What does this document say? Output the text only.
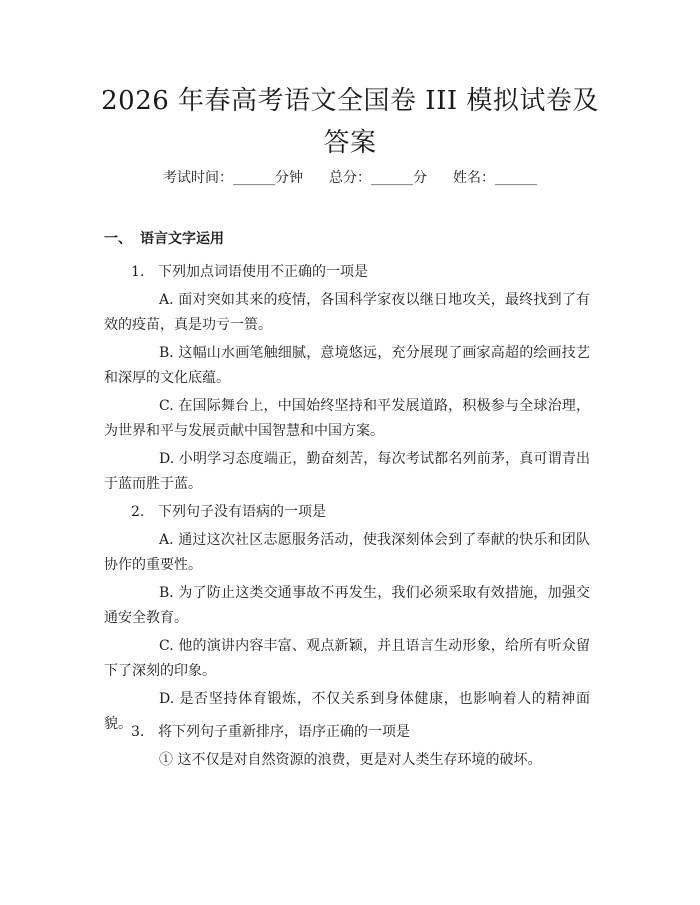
2026 年春高考语文全国卷 III 模拟试卷及答案
考试时间：______分钟 总分：______分 姓名：______
一、 语言文字运用
1. 下列加点词语使用不正确的一项是

A. 面对突如其来的疫情，各国科学家夜以继日地攻关，最终找到了有效的疫苗，真是功亏一篑。

B. 这幅山水画笔触细腻，意境悠远，充分展现了画家高超的绘画技艺和深厚的文化底蕴。

C. 在国际舞台上，中国始终坚持和平发展道路，积极参与全球治理，为世界和平与发展贡献中国智慧和中国方案。

D. 小明学习态度端正，勤奋刻苦，每次考试都名列前茅，真可谓青出于蓝而胜于蓝。

2. 下列句子没有语病的一项是

A. 通过这次社区志愿服务活动，使我深刻体会到了奉献的快乐和团队协作的重要性。

B. 为了防止这类交通事故不再发生，我们必须采取有效措施，加强交通安全教育。

C. 他的演讲内容丰富、观点新颖，并且语言生动形象，给所有听众留下了深刻的印象。

D. 是否坚持体育锻炼，不仅关系到身体健康，也影响着人的精神面貌。 3. 将下列句子重新排序，语序正确的一项是

① 这不仅是对自然资源的浪费，更是对人类生存环境的破坏。
